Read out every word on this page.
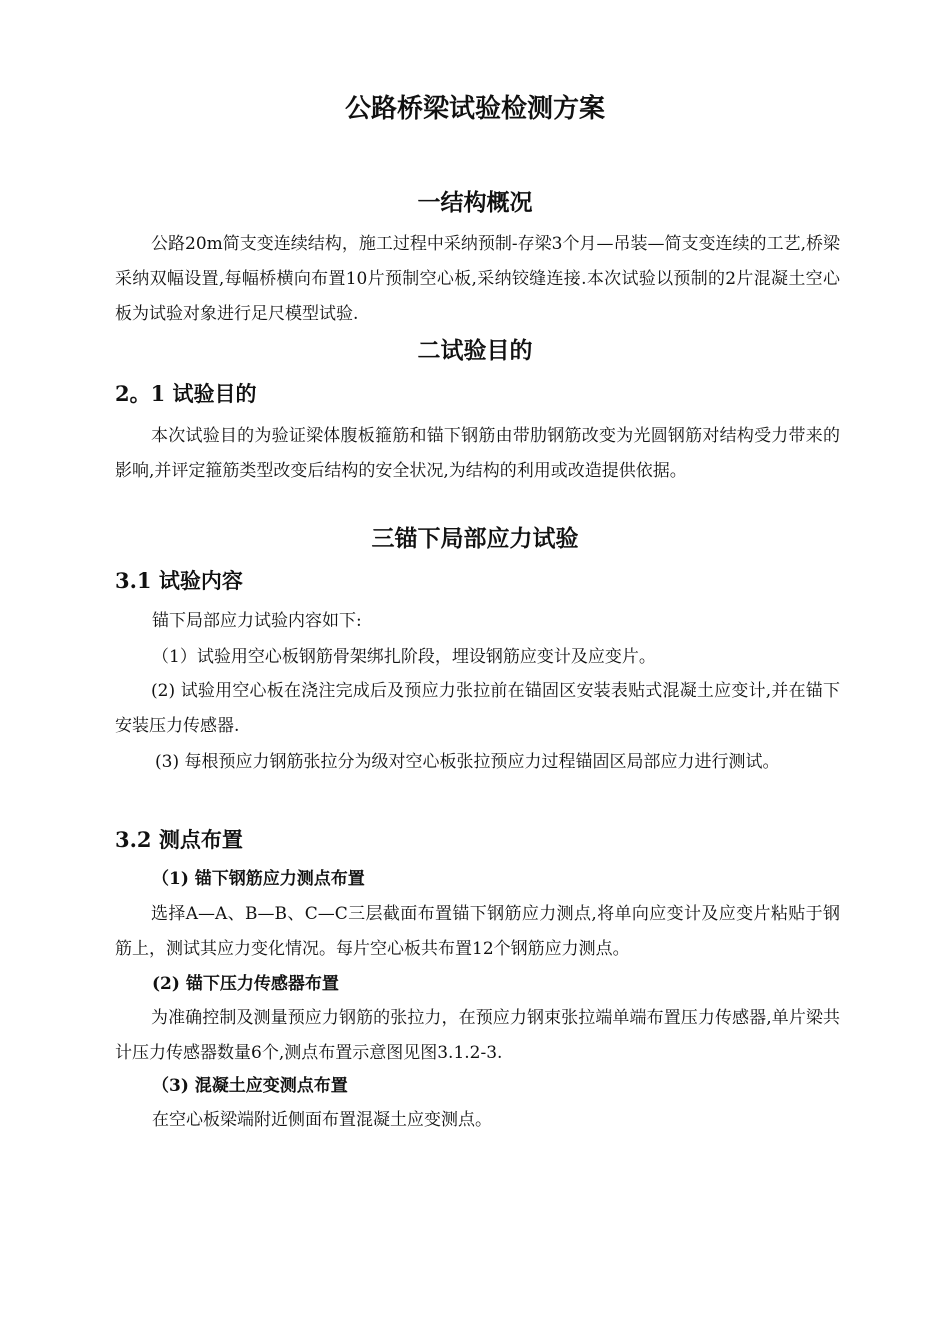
公路桥梁试验检测方案
一结构概况

公路20m简支变连续结构，施工过程中采纳预制-存梁3个月—吊装—简支变连续的工艺,桥梁采纳双幅设置,每幅桥横向布置10片预制空心板,采纳铰缝连接.本次试验以预制的2片混凝土空心板为试验对象进行足尺模型试验.

二试验目的
2。1 试验目的

本次试验目的为验证梁体腹板箍筋和锚下钢筋由带肋钢筋改变为光圆钢筋对结构受力带来的影响,并评定箍筋类型改变后结构的安全状况,为结构的利用或改造提供依据。

三锚下局部应力试验
3.1 试验内容

锚下局部应力试验内容如下:

（1）试验用空心板钢筋骨架绑扎阶段，埋设钢筋应变计及应变片。

(2) 试验用空心板在浇注完成后及预应力张拉前在锚固区安装表贴式混凝土应变计,并在锚下安装压力传感器.

(3) 每根预应力钢筋张拉分为级对空心板张拉预应力过程锚固区局部应力进行测试。

3.2 测点布置
（1) 锚下钢筋应力测点布置

选择A—A、B—B、C—C三层截面布置锚下钢筋应力测点,将单向应变计及应变片粘贴于钢筋上，测试其应力变化情况。每片空心板共布置12个钢筋应力测点。

(2) 锚下压力传感器布置

为准确控制及测量预应力钢筋的张拉力，在预应力钢束张拉端单端布置压力传感器,单片梁共计压力传感器数量6个,测点布置示意图见图3.1.2-3.

（3) 混凝土应变测点布置

在空心板梁端附近侧面布置混凝土应变测点。
